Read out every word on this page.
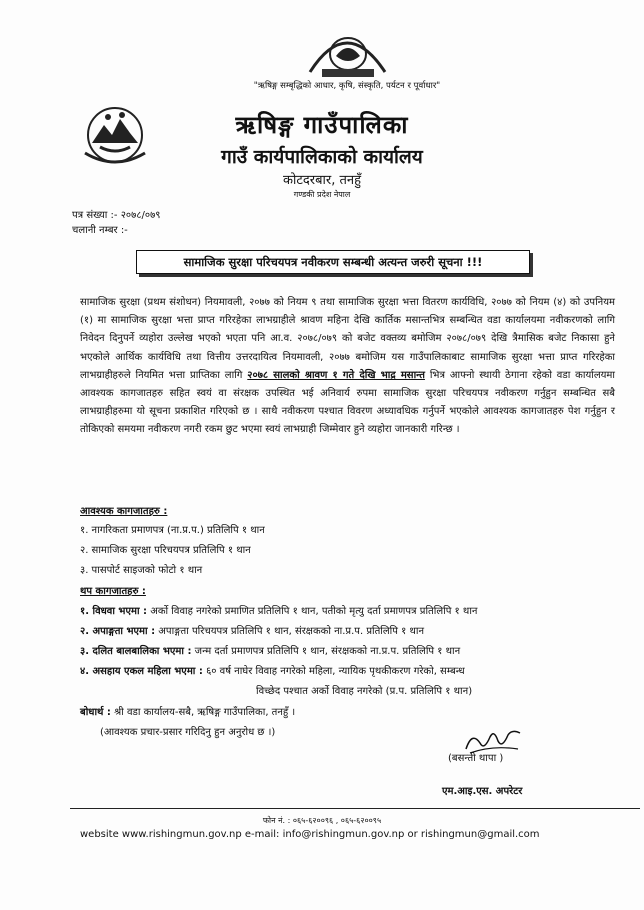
"ऋषिङ्ग सम्बृद्धिको आधार, कृषि, संस्कृति, पर्यटन र पूर्वाधार"
ऋषिङ्ग गाउँपालिका
गाउँ कार्यपालिकाको कार्यालय
कोटदरबार, तनहुँ
गण्डकी प्रदेश नेपाल
पत्र संख्या :- २०७८/०७९
चलानी नम्बर :-
सामाजिक सुरक्षा परिचयपत्र नवीकरण सम्बन्धी अत्यन्त जरुरी सूचना !!!
सामाजिक सुरक्षा (प्रथम संशोधन) नियमावली, २०७७ को नियम ९ तथा सामाजिक सुरक्षा भत्ता वितरण कार्यविधि, २०७७ को नियम (४) को उपनियम (१) मा सामाजिक सुरक्षा भत्ता प्राप्त गरिरहेका लाभग्राहीले श्रावण महिना देखि कार्तिक मसान्तभित्र सम्बन्धित वडा कार्यालयमा नवीकरणको लागि निवेदन दिनुपर्ने व्यहोरा उल्लेख भएको भएता पनि आ.व. २०७८/०७९ को बजेट वक्तव्य बमोजिम २०७८/०७९ देखि त्रैमासिक बजेट निकासा हुने भएकोले आर्थिक कार्यविधि तथा वित्तीय उत्तरदायित्व नियमावली, २०७७ बमोजिम यस गाउँपालिकाबाट सामाजिक सुरक्षा भत्ता प्राप्त गरिरहेका लाभग्राहीहरुले नियमित भत्ता प्राप्तिका लागि २०७८ सालको श्रावण १ गते देखि भाद्र मसान्त भित्र आफ्नो स्थायी ठेगाना रहेको वडा कार्यालयमा आवश्यक कागजातहरु सहित स्वयं वा संरक्षक उपस्थित भई अनिवार्य रुपमा सामाजिक सुरक्षा परिचयपत्र नवीकरण गर्नुहुन सम्बन्धित सबै लाभग्राहीहरुमा यो सूचना प्रकाशित गरिएको छ । साथै नवीकरण पश्चात विवरण अध्यावधिक गर्नुपर्ने भएकोले आवश्यक कागजातहरु पेश गर्नुहुन र तोकिएको समयमा नवीकरण नगरी रकम छुट भएमा स्वयं लाभग्राही जिम्मेवार हुने व्यहोरा जानकारी गरिन्छ ।
आवश्यक कागजातहरु :
१. नागरिकता प्रमाणपत्र (ना.प्र.प.) प्रतिलिपि १ थान
२. सामाजिक सुरक्षा परिचयपत्र प्रतिलिपि १ थान
३. पासपोर्ट साइजको फोटो १ थान
थप कागजातहरु :
१. विधवा भएमा : अर्को विवाह नगरेको प्रमाणित प्रतिलिपि १ थान, पतीको मृत्यु दर्ता प्रमाणपत्र प्रतिलिपि १ थान
२. अपाङ्गता भएमा : अपाङ्गता परिचयपत्र प्रतिलिपि १ थान, संरक्षकको ना.प्र.प. प्रतिलिपि १ थान
३. दलित बालबालिका भएमा : जन्म दर्ता प्रमाणपत्र प्रतिलिपि १ थान, संरक्षकको ना.प्र.प. प्रतिलिपि १ थान
४. असहाय एकल महिला भएमा : ६० वर्ष नाघेर विवाह नगरेको महिला, न्यायिक पृथकीकरण गरेको, सम्बन्ध
विच्छेद पश्चात अर्को विवाह नगरेको (प्र.प. प्रतिलिपि १ थान)
बोधार्थ : श्री वडा कार्यालय-सबै, ऋषिङ्ग गाउँपालिका, तनहुँ ।
(आवश्यक प्रचार-प्रसार गरिदिनु हुन अनुरोध छ ।)
(बसन्ती थापा )
एम.आइ.एस. अपरेटर
फोन नं. : ०६५-६२००९६ , ०६५-६२००९५
website www.rishingmun.gov.np e-mail: info@rishingmun.gov.np or rishingmun@gmail.com
